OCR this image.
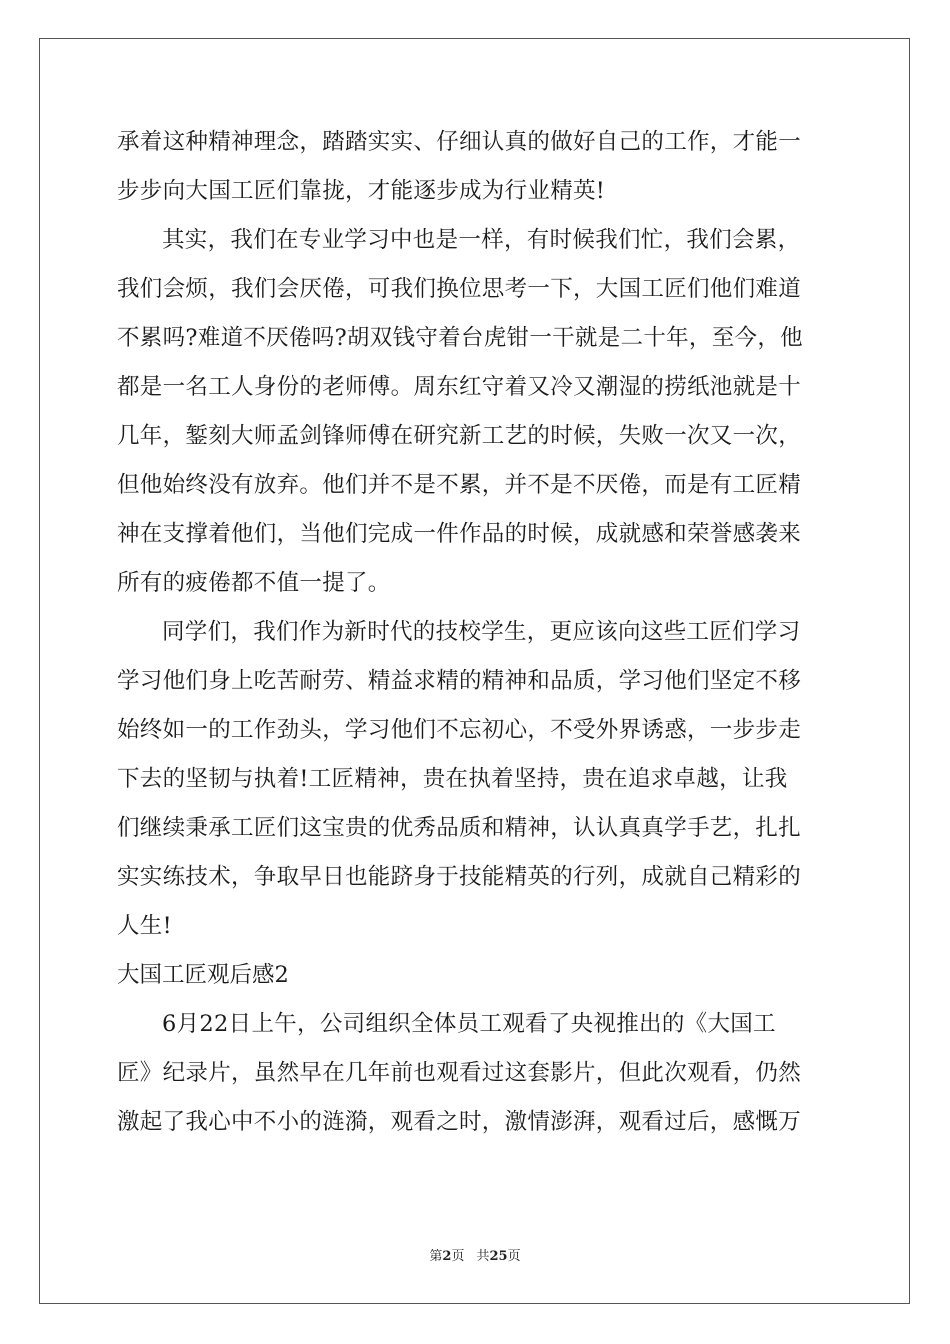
承着这种精神理念，踏踏实实、仔细认真的做好自己的工作，才能一
步步向大国工匠们靠拢，才能逐步成为行业精英!
其实，我们在专业学习中也是一样，有时候我们忙，我们会累，
我们会烦，我们会厌倦，可我们换位思考一下，大国工匠们他们难道
不累吗?难道不厌倦吗?胡双钱守着台虎钳一干就是二十年，至今，他
都是一名工人身份的老师傅。周东红守着又冷又潮湿的捞纸池就是十
几年，錾刻大师孟剑锋师傅在研究新工艺的时候，失败一次又一次，
但他始终没有放弃。他们并不是不累，并不是不厌倦，而是有工匠精
神在支撑着他们，当他们完成一件作品的时候，成就感和荣誉感袭来
所有的疲倦都不值一提了。
同学们，我们作为新时代的技校学生，更应该向这些工匠们学习
学习他们身上吃苦耐劳、精益求精的精神和品质，学习他们坚定不移
始终如一的工作劲头，学习他们不忘初心，不受外界诱惑，一步步走
下去的坚韧与执着!工匠精神，贵在执着坚持，贵在追求卓越，让我
们继续秉承工匠们这宝贵的优秀品质和精神，认认真真学手艺，扎扎
实实练技术，争取早日也能跻身于技能精英的行列，成就自己精彩的
人生!
大国工匠观后感2
6月22日上午，公司组织全体员工观看了央视推出的《大国工
匠》纪录片，虽然早在几年前也观看过这套影片，但此次观看，仍然
激起了我心中不小的涟漪，观看之时，激情澎湃，观看过后，感慨万
第2页 共25页
